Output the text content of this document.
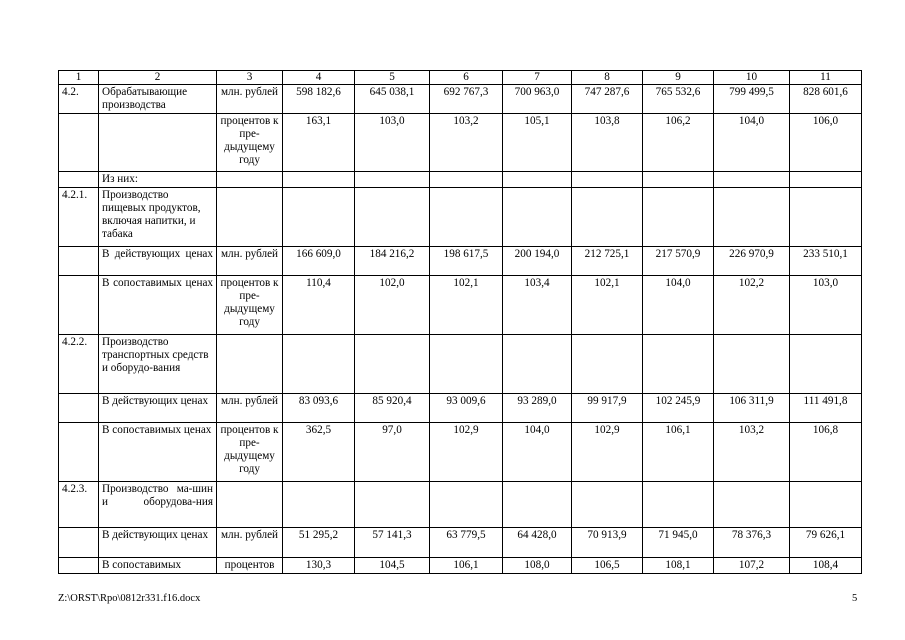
1	2	3	4	5	6	7	8	9	10	11
4.2.	Обрабатывающие производства	млн. рублей	598 182,6	645 038,1	692 767,3	700 963,0	747 287,6	765 532,6	799 499,5	828 601,6
		процентов к пре-дыдущему году	163,1	103,0	103,2	105,1	103,8	106,2	104,0	106,0
	Из них:									
4.2.1.	Производство пищевых продуктов, включая напитки, и табака									
	В действующих ценах	млн. рублей	166 609,0	184 216,2	198 617,5	200 194,0	212 725,1	217 570,9	226 970,9	233 510,1
	В сопоставимых ценах	процентов к пре-дыдущему году	110,4	102,0	102,1	103,4	102,1	104,0	102,2	103,0
4.2.2.	Производство транспортных средств и оборудо-вания									
	В действующих ценах	млн. рублей	83 093,6	85 920,4	93 009,6	93 289,0	99 917,9	102 245,9	106 311,9	111 491,8
	В сопоставимых ценах	процентов к пре-дыдущему году	362,5	97,0	102,9	104,0	102,9	106,1	103,2	106,8
4.2.3.	Производство ма-шин и оборудова-ния									
	В действующих ценах	млн. рублей	51 295,2	57 141,3	63 779,5	64 428,0	70 913,9	71 945,0	78 376,3	79 626,1
	В сопоставимых	процентов	130,3	104,5	106,1	108,0	106,5	108,1	107,2	108,4
Z:\ORST\Rpo\0812r331.f16.docx	5
